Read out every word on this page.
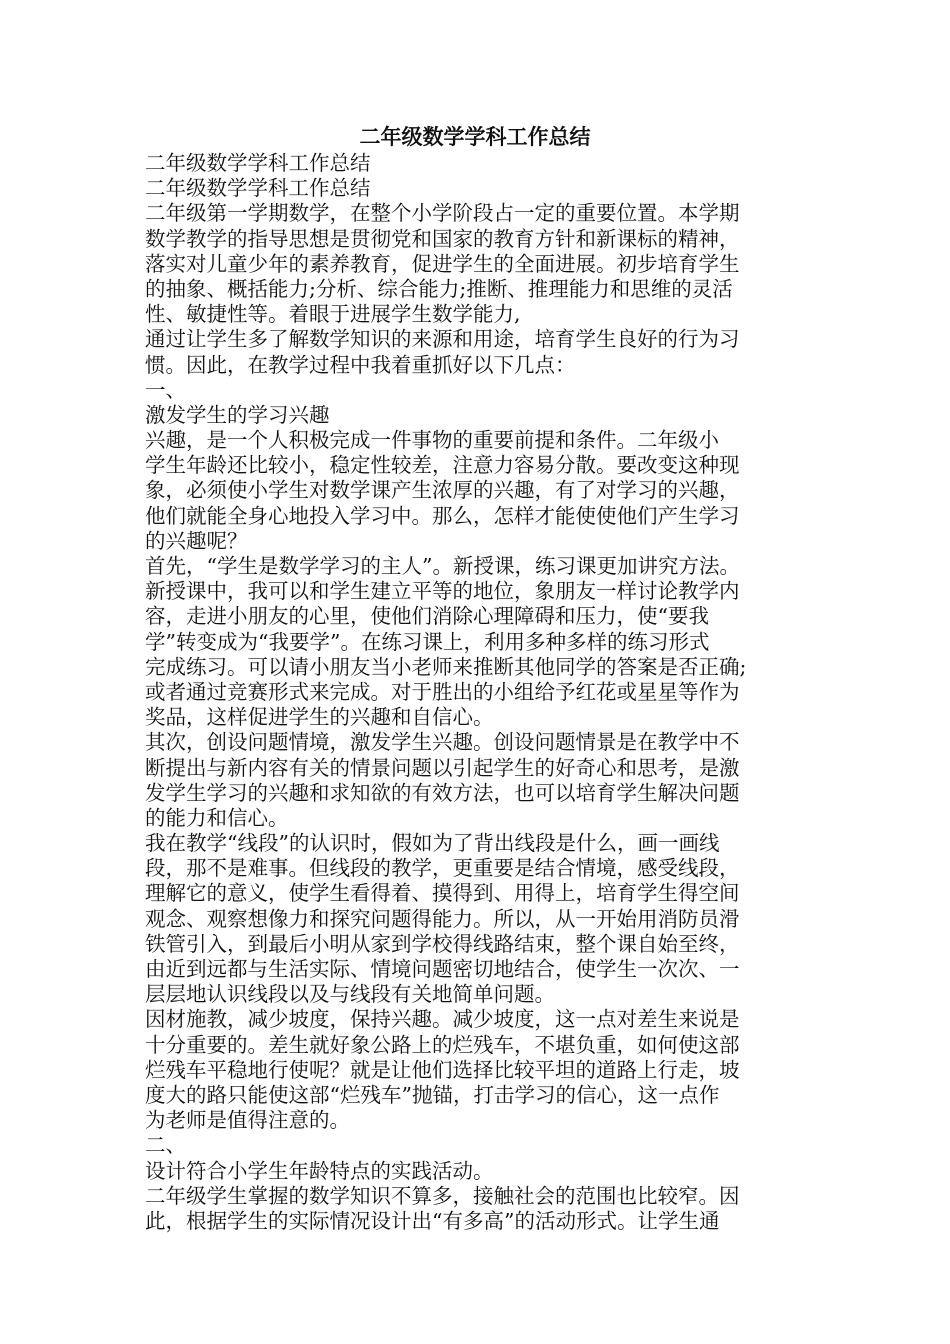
二年级数学学科工作总结
二年级数学学科工作总结
二年级数学学科工作总结
二年级第一学期数学，在整个小学阶段占一定的重要位置。本学期
数学教学的指导思想是贯彻党和国家的教育方针和新课标的精神，
落实对儿童少年的素养教育，促进学生的全面进展。初步培育学生
的抽象、概括能力;分析、综合能力;推断、推理能力和思维的灵活
性、敏捷性等。着眼于进展学生数学能力,
通过让学生多了解数学知识的来源和用途，培育学生良好的行为习
惯。因此，在教学过程中我着重抓好以下几点：
一、
激发学生的学习兴趣
兴趣，是一个人积极完成一件事物的重要前提和条件。二年级小
学生年龄还比较小，稳定性较差，注意力容易分散。要改变这种现
象，必须使小学生对数学课产生浓厚的兴趣，有了对学习的兴趣，
他们就能全身心地投入学习中。那么，怎样才能使使他们产生学习
的兴趣呢？
首先，“学生是数学学习的主人”。新授课，练习课更加讲究方法。
新授课中，我可以和学生建立平等的地位，象朋友一样讨论教学内
容，走进小朋友的心里，使他们消除心理障碍和压力，使“要我
学”转变成为“我要学”。在练习课上，利用多种多样的练习形式
完成练习。可以请小朋友当小老师来推断其他同学的答案是否正确;
或者通过竞赛形式来完成。对于胜出的小组给予红花或星星等作为
奖品，这样促进学生的兴趣和自信心。
其次，创设问题情境，激发学生兴趣。创设问题情景是在教学中不
断提出与新内容有关的情景问题以引起学生的好奇心和思考，是激
发学生学习的兴趣和求知欲的有效方法，也可以培育学生解决问题
的能力和信心。
我在教学“线段”的认识时，假如为了背出线段是什么，画一画线
段，那不是难事。但线段的教学，更重要是结合情境，感受线段，
理解它的意义，使学生看得着、摸得到、用得上，培育学生得空间
观念、观察想像力和探究问题得能力。所以，从一开始用消防员滑
铁管引入，到最后小明从家到学校得线路结束，整个课自始至终，
由近到远都与生活实际、情境问题密切地结合，使学生一次次、一
层层地认识线段以及与线段有关地简单问题。
因材施教，减少坡度，保持兴趣。减少坡度，这一点对差生来说是
十分重要的。差生就好象公路上的烂残车，不堪负重，如何使这部
烂残车平稳地行使呢？就是让他们选择比较平坦的道路上行走，坡
度大的路只能使这部“烂残车”抛锚，打击学习的信心，这一点作
为老师是值得注意的。
二、
设计符合小学生年龄特点的实践活动。
二年级学生掌握的数学知识不算多，接触社会的范围也比较窄。因
此，根据学生的实际情况设计出“有多高”的活动形式。让学生通
